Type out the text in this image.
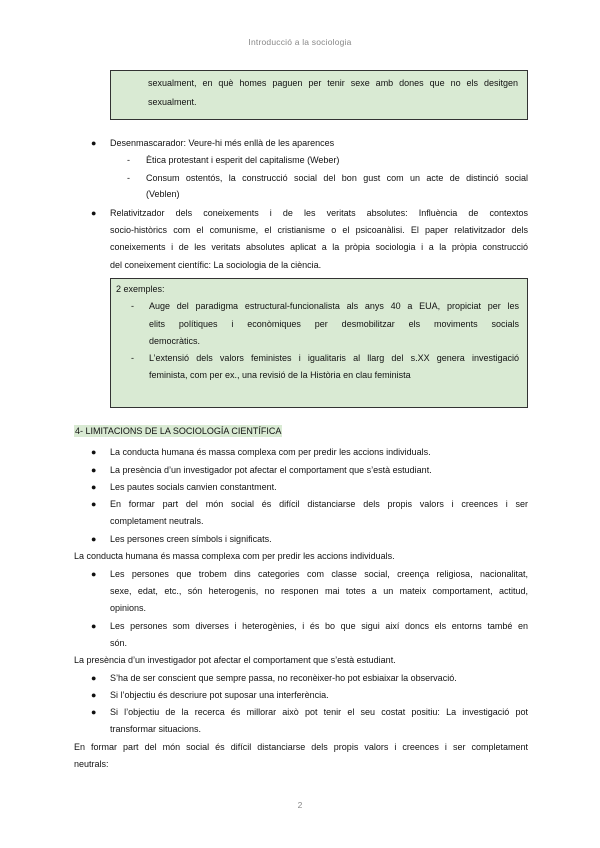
Introducció a la sociologia
sexualment, en què homes paguen per tenir sexe amb dones que no els desitgen
sexualment.
● Desenmascarador: Veure-hi més enllà de les aparences
- Ètica protestant i esperit del capitalisme (Weber)
- Consum ostentós, la construcció social del bon gust com un acte de distinció social
(Veblen)
● Relativitzador dels coneixements i de les veritats absolutes: Influència de contextos
socio-històrics com el comunisme, el cristianisme o el psicoanàlisi. El paper relativitzador dels
coneixements i de les veritats absolutes aplicat a la pròpia sociologia i a la pròpia construcció
del coneixement científic: La sociologia de la ciència.
2 exemples:
- Auge del paradigma estructural-funcionalista als anys 40 a EUA, propiciat per les
elits polítiques i econòmiques per desmobilitzar els moviments socials
democràtics.
- L’extensió dels valors feministes i igualitaris al llarg del s.XX genera investigació
feminista, com per ex., una revisió de la Història en clau feminista
4- LIMITACIONS DE LA SOCIOLOGÍA CIENTÍFICA
● La conducta humana és massa complexa com per predir les accions individuals.
● La presència d’un investigador pot afectar el comportament que s’està estudiant.
● Les pautes socials canvien constantment.
● En formar part del món social és difícil distanciarse dels propis valors i creences i ser
completament neutrals.
● Les persones creen símbols i significats.
La conducta humana és massa complexa com per predir les accions individuals.
● Les persones que trobem dins categories com classe social, creença religiosa, nacionalitat,
sexe, edat, etc., són heterogenis, no responen mai totes a un mateix comportament, actitud,
opinions.
● Les persones som diverses i heterogènies, i és bo que sigui així doncs els entorns també en
són.
La presència d’un investigador pot afectar el comportament que s’està estudiant.
● S’ha de ser conscient que sempre passa, no reconèixer-ho pot esbiaixar la observació.
● Si l’objectiu és descriure pot suposar una interferència.
● Si l’objectiu de la recerca és millorar això pot tenir el seu costat positiu: La investigació pot
transformar situacions.
En formar part del món social és difícil distanciarse dels propis valors i creences i ser completament
neutrals:
2
